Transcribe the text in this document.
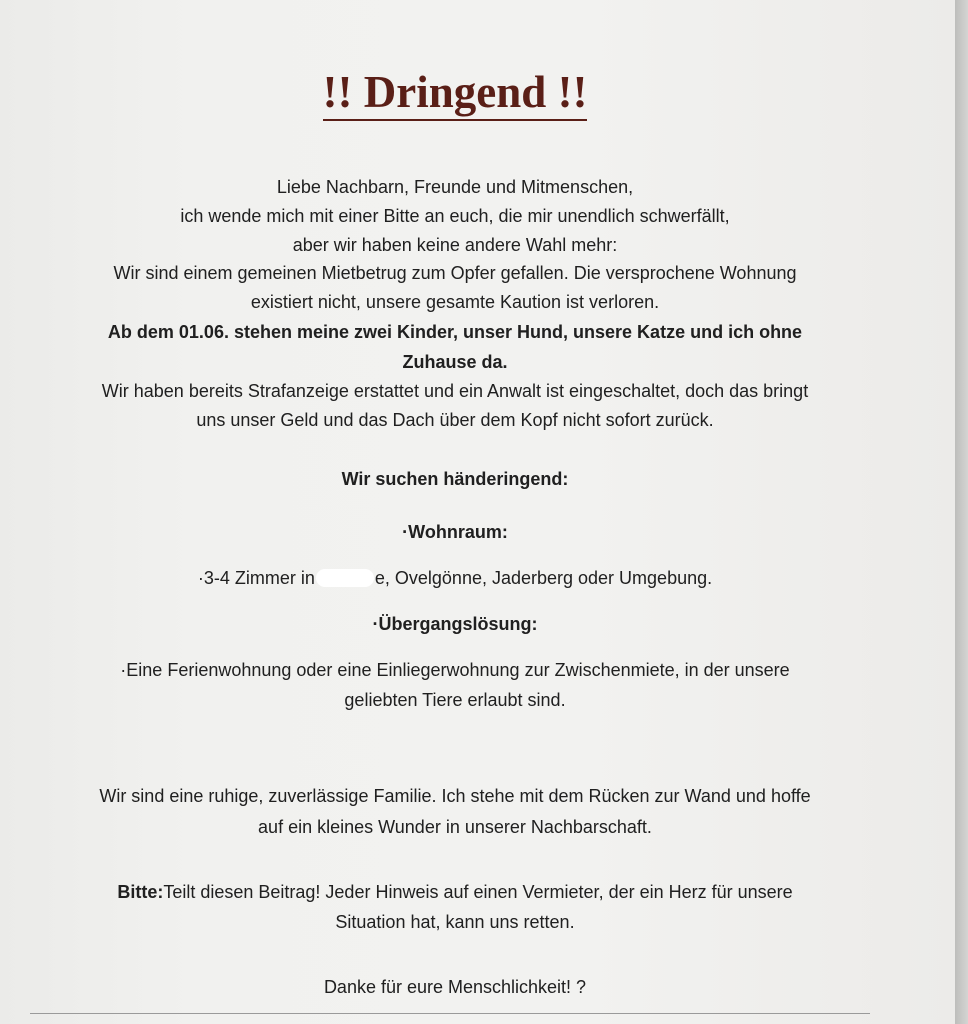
!! Dringend !!
Liebe Nachbarn, Freunde und Mitmenschen,
ich wende mich mit einer Bitte an euch, die mir unendlich schwerfällt,
aber wir haben keine andere Wahl mehr:
Wir sind einem gemeinen Mietbetrug zum Opfer gefallen. Die versprochene Wohnung
existiert nicht, unsere gesamte Kaution ist verloren.
Ab dem 01.06. stehen meine zwei Kinder, unser Hund, unsere Katze und ich ohne
Zuhause da.
Wir haben bereits Strafanzeige erstattet und ein Anwalt ist eingeschaltet, doch das bringt
uns unser Geld und das Dach über dem Kopf nicht sofort zurück.
Wir suchen händeringend:
·Wohnraum:
·3-4 Zimmer in	e, Ovelgönne, Jaderberg oder Umgebung.
·Übergangslösung:
·Eine Ferienwohnung oder eine Einliegerwohnung zur Zwischenmiete, in der unsere
geliebten Tiere erlaubt sind.
Wir sind eine ruhige, zuverlässige Familie. Ich stehe mit dem Rücken zur Wand und hoffe
auf ein kleines Wunder in unserer Nachbarschaft.
Bitte:Teilt diesen Beitrag! Jeder Hinweis auf einen Vermieter, der ein Herz für unsere
Situation hat, kann uns retten.
Danke für eure Menschlichkeit! ?
